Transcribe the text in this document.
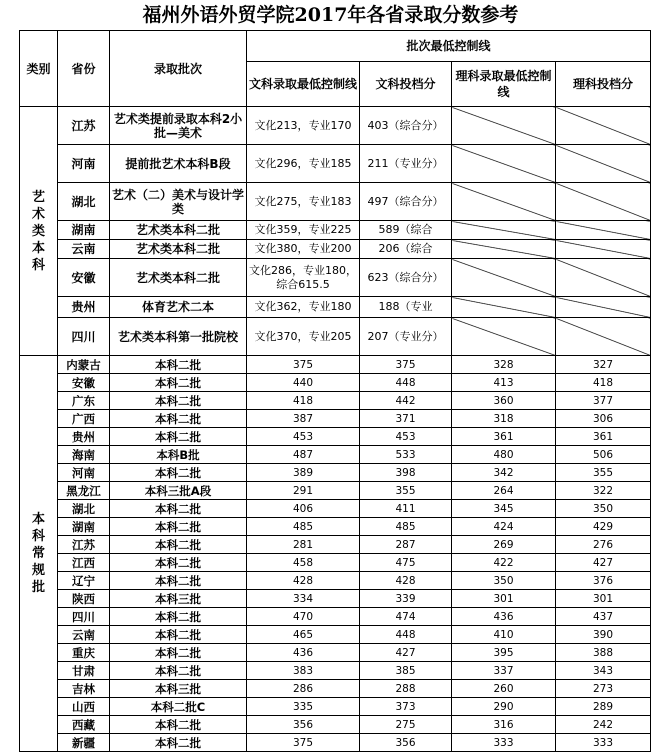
福州外语外贸学院2017年各省录取分数参考
类别	省份	录取批次	批次最低控制线			
			文科录取最低控制线	文科投档分	理科录取最低控制线	理科投档分
艺术类本科	江苏	艺术类提前录取本科2小批—美术	文化213，专业170	403（综合分）		
	河南	提前批艺术本科B段	文化296，专业185	211（专业分）		
	湖北	艺术（二）美术与设计学类	文化275，专业183	497（综合分）		
	湖南	艺术类本科二批	文化359，专业225	589（综合		
	云南	艺术类本科二批	文化380，专业200	206（综合		
	安徽	艺术类本科二批	文化286，专业180，综合615.5	623（综合分）		
	贵州	体育艺术二本	文化362，专业180	188（专业		
	四川	艺术类本科第一批院校	文化370，专业205	207（专业分）		
本科常规批	内蒙古	本科二批	375	375	328	327
	安徽	本科二批	440	448	413	418
	广东	本科二批	418	442	360	377
	广西	本科二批	387	371	318	306
	贵州	本科二批	453	453	361	361
	海南	本科B批	487	533	480	506
	河南	本科二批	389	398	342	355
	黑龙江	本科三批A段	291	355	264	322
	湖北	本科二批	406	411	345	350
	湖南	本科二批	485	485	424	429
	江苏	本科二批	281	287	269	276
	江西	本科二批	458	475	422	427
	辽宁	本科二批	428	428	350	376
	陕西	本科三批	334	339	301	301
	四川	本科二批	470	474	436	437
	云南	本科二批	465	448	410	390
	重庆	本科二批	436	427	395	388
	甘肃	本科二批	383	385	337	343
	吉林	本科三批	286	288	260	273
	山西	本科二批C	335	373	290	289
	西藏	本科二批	356	275	316	242
	新疆	本科二批	375	356	333	333
